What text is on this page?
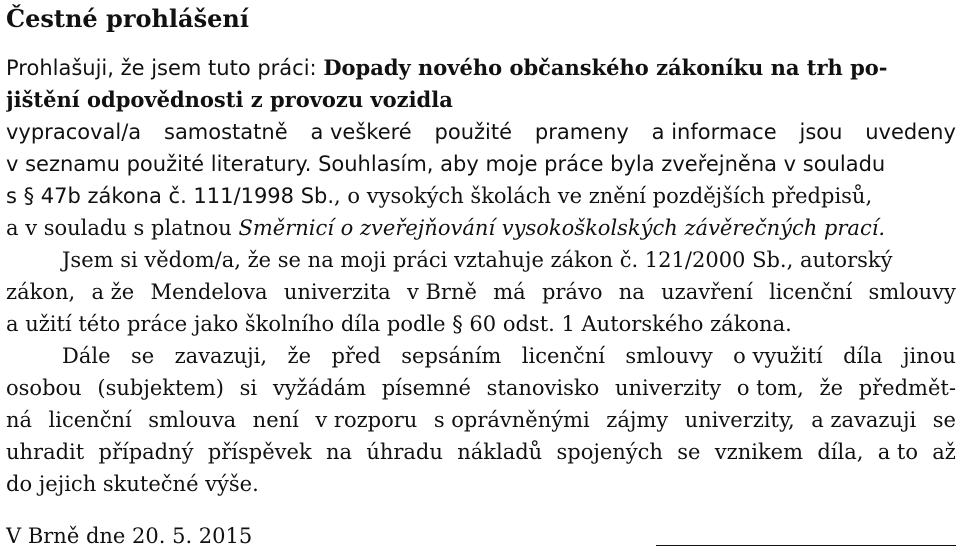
Čestné prohlášení
Prohlašuji, že jsem tuto práci: Dopady nového občanského zákoníku na trh po-
jištění odpovědnosti z provozu vozidla
vypracoval/a samostatně a veškeré použité prameny a informace jsou uvedeny
v seznamu použité literatury. Souhlasím, aby moje práce byla zveřejněna v souladu
s § 47b zákona č. 111/1998 Sb., o vysokých školách ve znění pozdějších předpisů,
a v souladu s platnou Směrnicí o zveřejňování vysokoškolských závěrečných prací.
Jsem si vědom/a, že se na moji práci vztahuje zákon č. 121/2000 Sb., autorský
zákon, a že Mendelova univerzita v Brně má právo na uzavření licenční smlouvy
a užití této práce jako školního díla podle § 60 odst. 1 Autorského zákona.
Dále se zavazuji, že před sepsáním licenční smlouvy o využití díla jinou
osobou (subjektem) si vyžádám písemné stanovisko univerzity o tom, že předmět-
ná licenční smlouva není v rozporu s oprávněnými zájmy univerzity, a zavazuji se
uhradit případný příspěvek na úhradu nákladů spojených se vznikem díla, a to až
do jejich skutečné výše.
V Brně dne 20. 5. 2015
